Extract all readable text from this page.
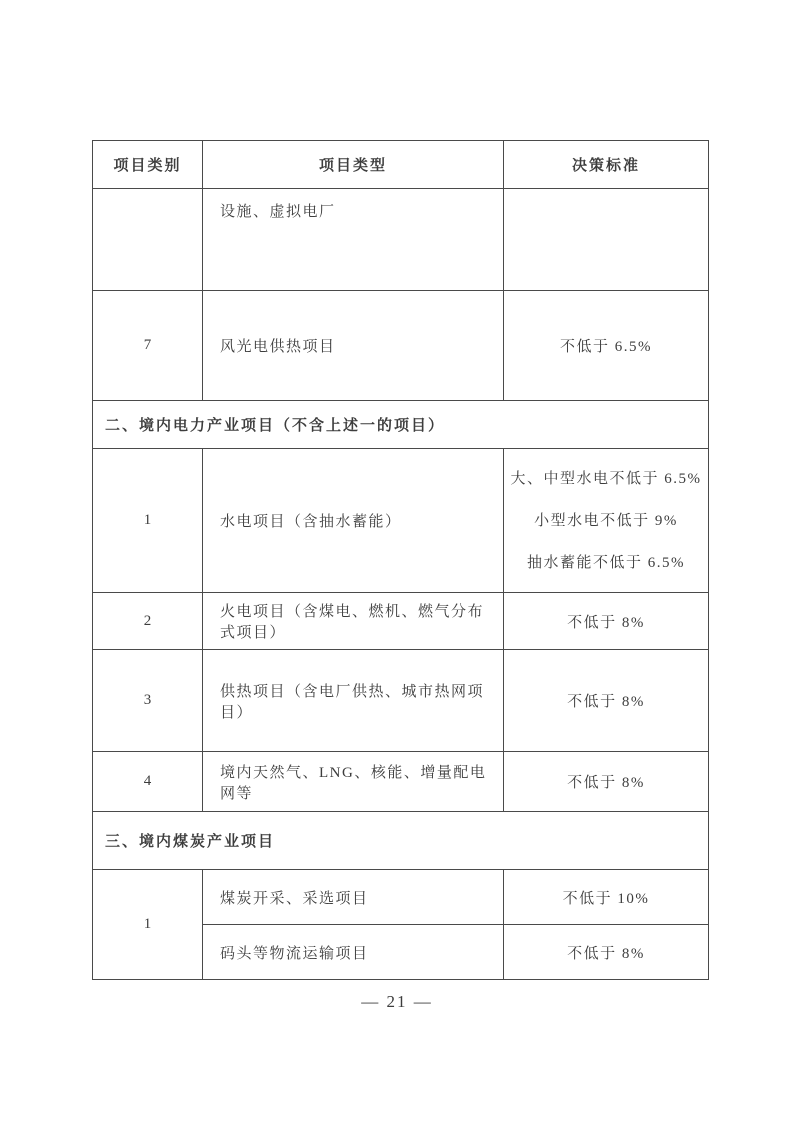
项目类别	项目类型	决策标准
	设施、虚拟电厂	
7	风光电供热项目	不低于 6.5%
二、境内电力产业项目（不含上述一的项目）		
1	水电项目（含抽水蓄能）	大、中型水电不低于 6.5%
小型水电不低于 9%
抽水蓄能不低于 6.5%

2	火电项目（含煤电、燃机、燃气分布式项目）	不低于 8%
3	供热项目（含电厂供热、城市热网项目）	不低于 8%
4	境内天然气、LNG、核能、增量配电网等	不低于 8%
三、境内煤炭产业项目		
1	煤炭开采、采选项目	不低于 10%
	码头等物流运输项目	不低于 8%
— 21 —
